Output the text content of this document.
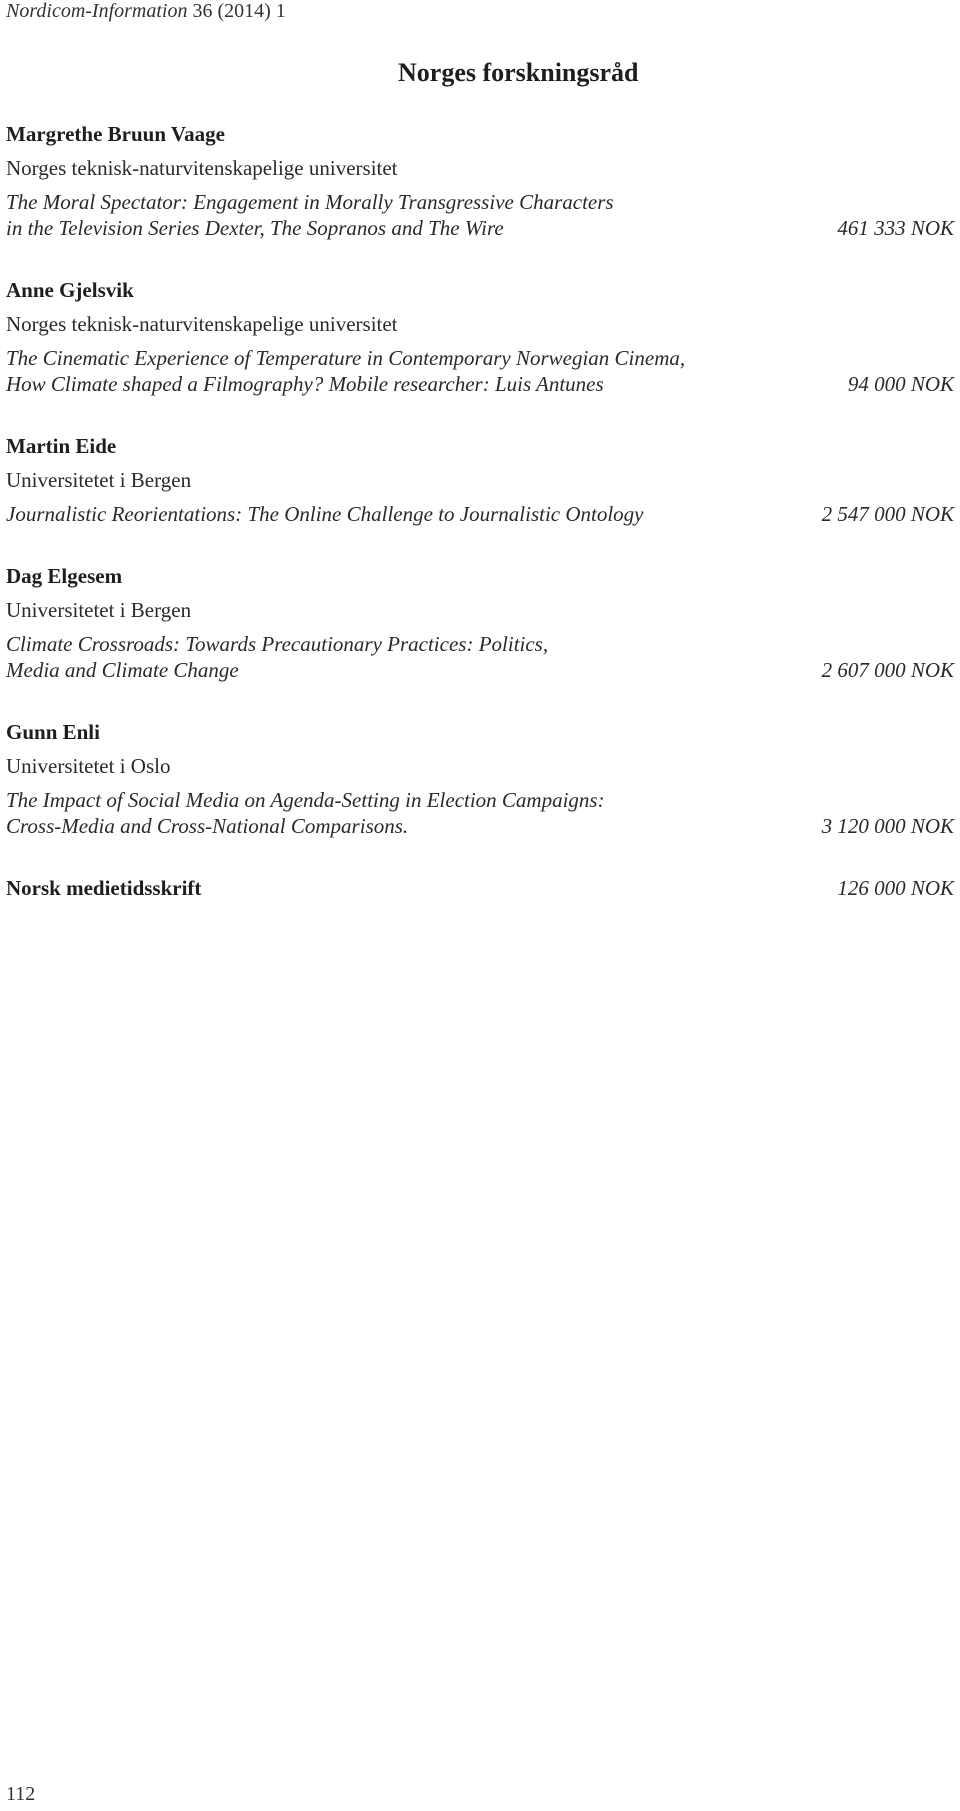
Nordicom-Information 36 (2014) 1
Norges forskningsråd

Margrethe Bruun Vaage

Norges teknisk-naturvitenskapelige universitet

The Moral Spectator: Engagement in Morally Transgressive Characters
in the Television Series Dexter, The Sopranos and The Wire	461 333 NOK

Anne Gjelsvik

Norges teknisk-naturvitenskapelige universitet

The Cinematic Experience of Temperature in Contemporary Norwegian Cinema,
How Climate shaped a Filmography? Mobile researcher: Luis Antunes	94 000 NOK

Martin Eide

Universitetet i Bergen

Journalistic Reorientations: The Online Challenge to Journalistic Ontology	2 547 000 NOK

Dag Elgesem

Universitetet i Bergen

Climate Crossroads: Towards Precautionary Practices: Politics,
Media and Climate Change	2 607 000 NOK

Gunn Enli

Universitetet i Oslo

The Impact of Social Media on Agenda-Setting in Election Campaigns:
Cross-Media and Cross-National Comparisons.	3 120 000 NOK

Norsk medietidsskrift	126 000 NOK
112
